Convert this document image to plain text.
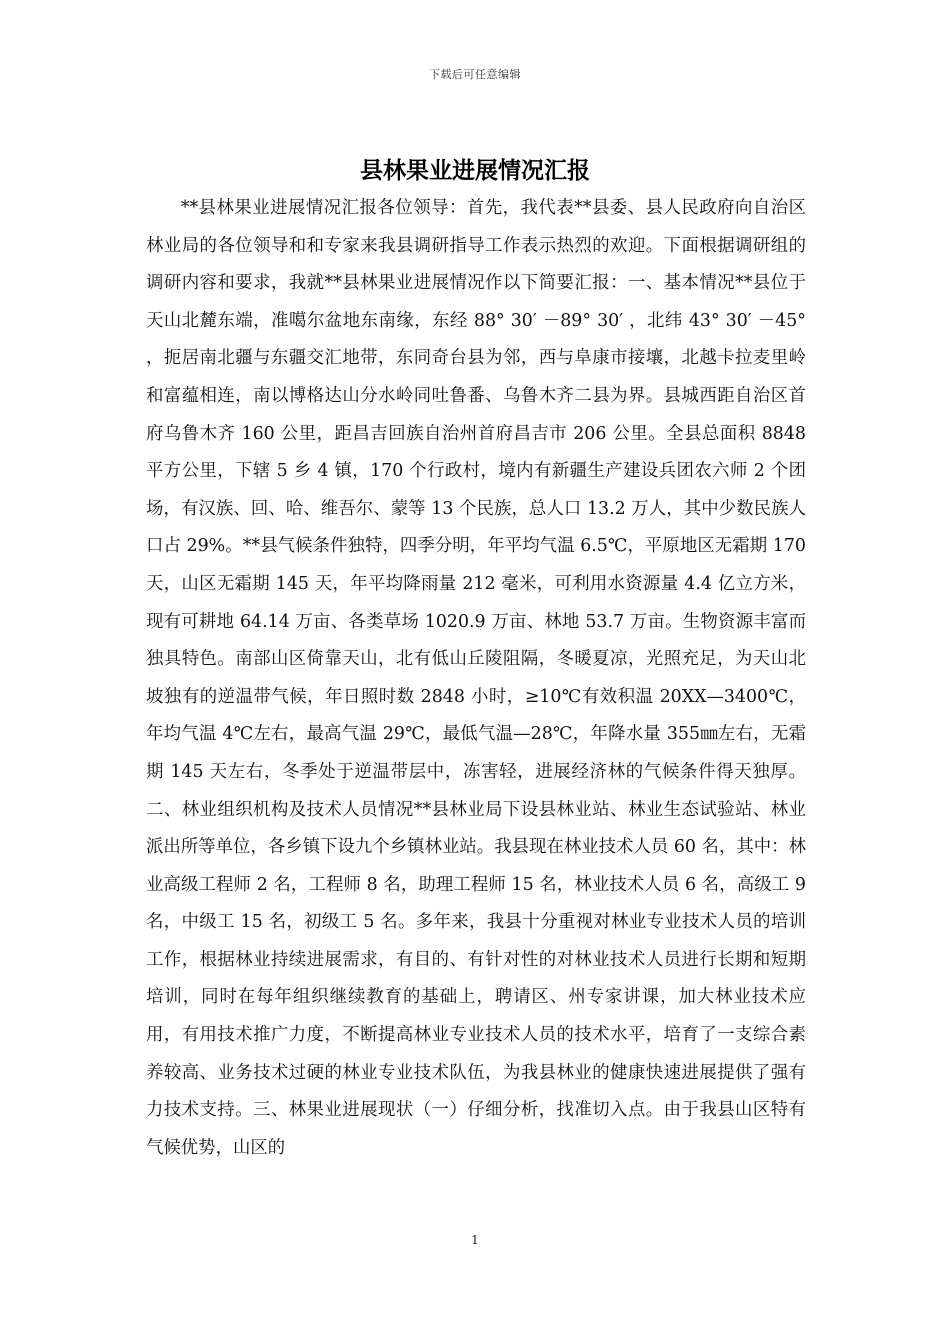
下载后可任意编辑
县林果业进展情况汇报

**县林果业进展情况汇报各位领导：首先，我代表**县委、县人民政府向自治区林业局的各位领导和和专家来我县调研指导工作表示热烈的欢迎。下面根据调研组的调研内容和要求，我就**县林果业进展情况作以下简要汇报：一、基本情况**县位于天山北麓东端，准噶尔盆地东南缘，东经 88° 30′ －89° 30′ ，北纬 43° 30′ －45° ，扼居南北疆与东疆交汇地带，东同奇台县为邻，西与阜康市接壤，北越卡拉麦里岭和富蕴相连，南以博格达山分水岭同吐鲁番、乌鲁木齐二县为界。县城西距自治区首府乌鲁木齐 160 公里，距昌吉回族自治州首府昌吉市 206 公里。全县总面积 8848 平方公里，下辖 5 乡 4 镇，170 个行政村，境内有新疆生产建设兵团农六师 2 个团场，有汉族、回、哈、维吾尔、蒙等 13 个民族，总人口 13.2 万人，其中少数民族人口占 29%。**县气候条件独特，四季分明，年平均气温 6.5℃，平原地区无霜期 170 天，山区无霜期 145 天，年平均降雨量 212 毫米，可利用水资源量 4.4 亿立方米，现有可耕地 64.14 万亩、各类草场 1020.9 万亩、林地 53.7 万亩。生物资源丰富而独具特色。南部山区倚靠天山，北有低山丘陵阻隔，冬暖夏凉，光照充足，为天山北坡独有的逆温带气候，年日照时数 2848 小时，≥10℃有效积温 20XX—3400℃，年均气温 4℃左右，最高气温 29℃，最低气温—28℃，年降水量 355㎜左右，无霜期 145 天左右，冬季处于逆温带层中，冻害轻，进展经济林的气候条件得天独厚。二、林业组织机构及技术人员情况**县林业局下设县林业站、林业生态试验站、林业派出所等单位，各乡镇下设九个乡镇林业站。我县现在林业技术人员 60 名，其中：林业高级工程师 2 名，工程师 8 名，助理工程师 15 名，林业技术人员 6 名，高级工 9 名，中级工 15 名，初级工 5 名。多年来，我县十分重视对林业专业技术人员的培训工作，根据林业持续进展需求，有目的、有针对性的对林业技术人员进行长期和短期培训，同时在每年组织继续教育的基础上，聘请区、州专家讲课，加大林业技术应用，有用技术推广力度，不断提高林业专业技术人员的技术水平，培育了一支综合素养较高、业务技术过硬的林业专业技术队伍，为我县林业的健康快速进展提供了强有力技术支持。三、林果业进展现状（一）仔细分析，找准切入点。由于我县山区特有气候优势，山区的

1
